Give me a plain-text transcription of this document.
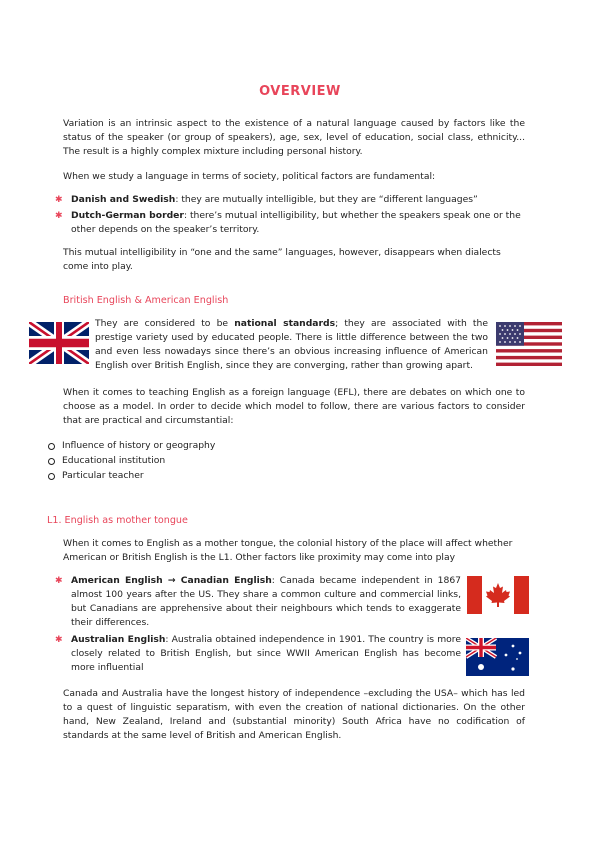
OVERVIEW

Variation is an intrinsic aspect to the existence of a natural language caused by factors like the status of the speaker (or group of speakers), age, sex, level of education, social class, ethnicity... The result is a highly complex mixture including personal history.

When we study a language in terms of society, political factors are fundamental:

✱ Danish and Swedish: they are mutually intelligible, but they are “different languages”
✱ Dutch-German border: there’s mutual intelligibility, but whether the speakers speak one or the other depends on the speaker’s territory.

This mutual intelligibility in “one and the same” languages, however, disappears when dialects come into play.

British English & American English

They are considered to be national standards; they are associated with the prestige variety used by educated people. There is little difference between the two and even less nowadays since there’s an obvious increasing influence of American English over British English, since they are converging, rather than growing apart.

When it comes to teaching English as a foreign language (EFL), there are debates on which one to choose as a model. In order to decide which model to follow, there are various factors to consider that are practical and circumstantial:

Influence of history or geography
Educational institution
Particular teacher
L1. English as mother tongue

When it comes to English as a mother tongue, the colonial history of the place will affect whether American or British English is the L1. Other factors like proximity may come into play

✱ American English → Canadian English: Canada became independent in 1867 almost 100 years after the US. They share a common culture and commercial links, but Canadians are apprehensive about their neighbours which tends to exaggerate their differences.
✱ Australian English: Australia obtained independence in 1901. The country is more closely related to British English, but since WWII American English has become more influential

Canada and Australia have the longest history of independence –excluding the USA– which has led to a quest of linguistic separatism, with even the creation of national dictionaries. On the other hand, New Zealand, Ireland and (substantial minority) South Africa have no codification of standards at the same level of British and American English.
